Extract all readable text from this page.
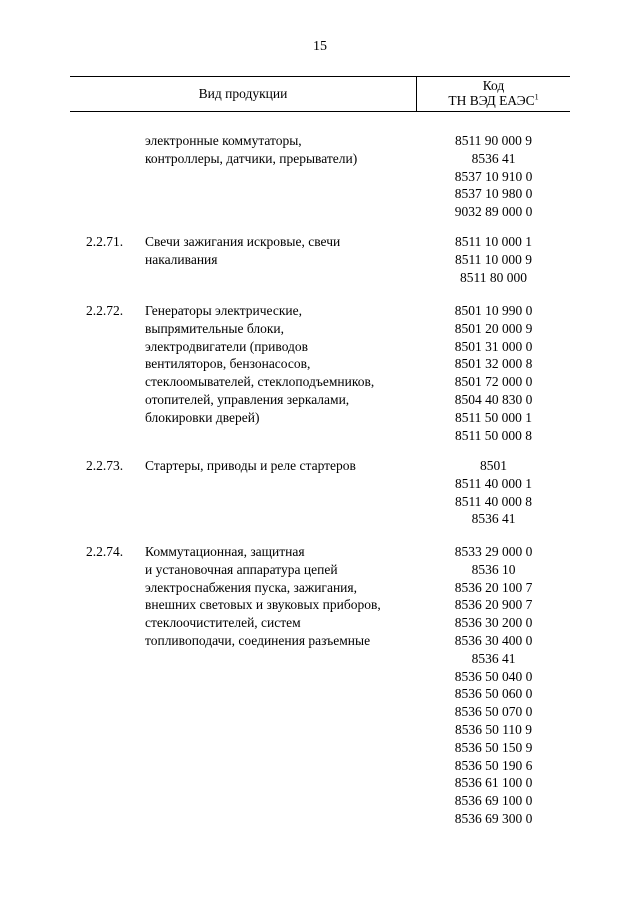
15
Вид продукции
Код
ТН ВЭД ЕАЭС$^1$
электронные коммутаторы,
контроллеры, датчики, прерыватели)
8511 90 000 9
8536 41
8537 10 910 0
8537 10 980 0
9032 89 000 0
2.2.71. Свечи зажигания искровые, свечи
накаливания
8511 10 000 1
8511 10 000 9
8511 80 000
2.2.72. Генераторы электрические,
выпрямительные блоки,
электродвигатели (приводов
вентиляторов, бензонасосов,
стеклоомывателей, стеклоподъемников,
отопителей, управления зеркалами,
блокировки дверей)
8501 10 990 0
8501 20 000 9
8501 31 000 0
8501 32 000 8
8501 72 000 0
8504 40 830 0
8511 50 000 1
8511 50 000 8
2.2.73. Стартеры, приводы и реле стартеров	8501
8511 40 000 1
8511 40 000 8
8536 41
2.2.74. Коммутационная, защитная
и установочная аппаратура цепей
электроснабжения пуска, зажигания,
внешних световых и звуковых приборов,
стеклоочистителей, систем
топливоподачи, соединения разъемные
8533 29 000 0
8536 10
8536 20 100 7
8536 20 900 7
8536 30 200 0
8536 30 400 0
8536 41
8536 50 040 0
8536 50 060 0
8536 50 070 0
8536 50 110 9
8536 50 150 9
8536 50 190 6
8536 61 100 0
8536 69 100 0
8536 69 300 0
